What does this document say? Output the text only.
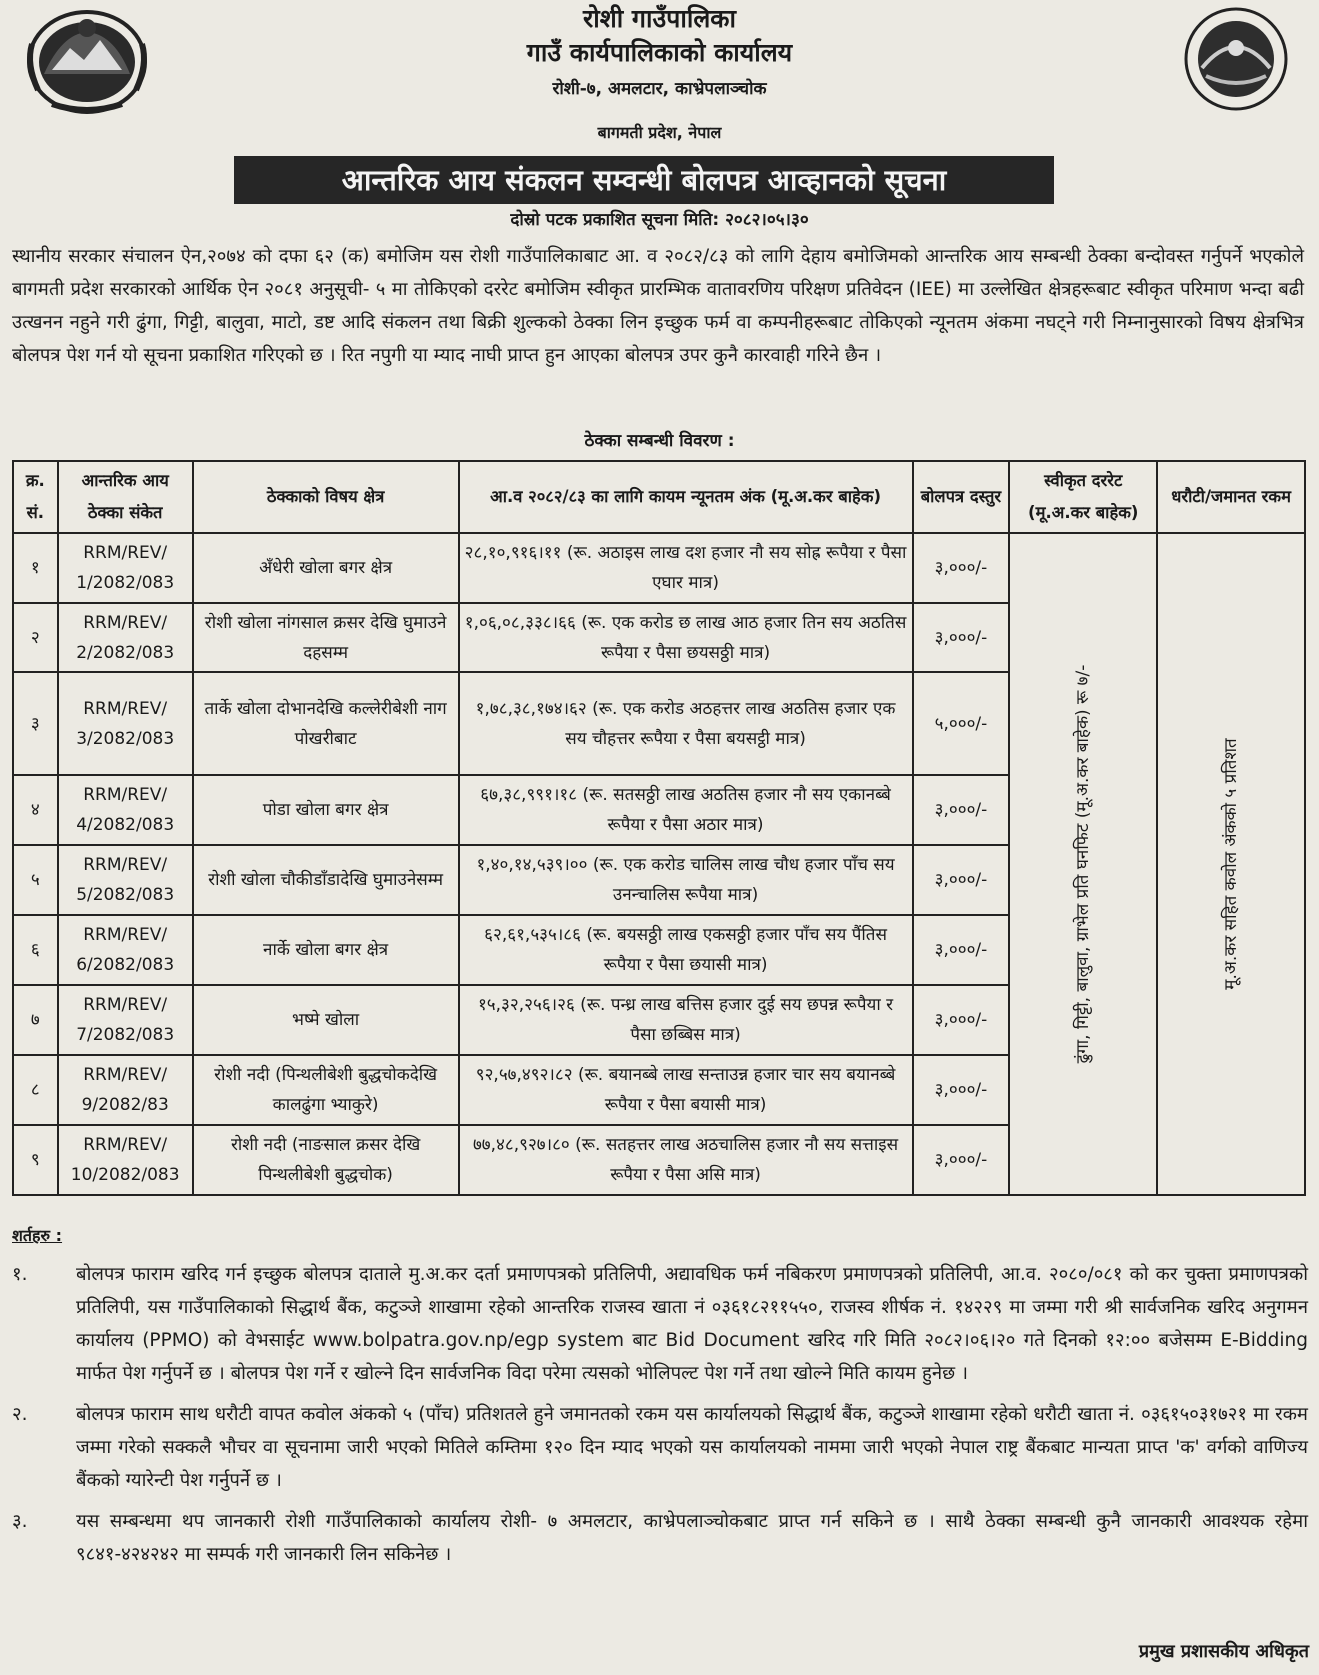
रोशी गाउँपालिका
गाउँ कार्यपालिकाको कार्यालय
रोशी-७, अमलटार, काभ्रेपलाञ्चोक
बागमती प्रदेश, नेपाल
आन्तरिक आय संकलन सम्वन्धी बोलपत्र आव्हानको सूचना
दोस्रो पटक प्रकाशित सूचना मिति: २०८२।०५।३०
स्थानीय सरकार संचालन ऐन,२०७४ को दफा ६२ (क) बमोजिम यस रोशी गाउँपालिकाबाट आ. व २०८२/८३ को लागि देहाय बमोजिमको आन्तरिक आय सम्बन्धी ठेक्का बन्दोवस्त गर्नुपर्ने भएकोले बागमती प्रदेश सरकारको आर्थिक ऐन २०८१ अनुसूची- ५ मा तोकिएको दररेट बमोजिम स्वीकृत प्रारम्भिक वातावरणिय परिक्षण प्रतिवेदन (IEE) मा उल्लेखित क्षेत्रहरूबाट स्वीकृत परिमाण भन्दा बढी उत्खनन नहुने गरी ढुंगा, गिट्टी, बालुवा, माटो, डष्ट आदि संकलन तथा बिक्री शुल्कको ठेक्का लिन इच्छुक फर्म वा कम्पनीहरूबाट तोकिएको न्यूनतम अंकमा नघट्ने गरी निम्नानुसारको विषय क्षेत्रभित्र बोलपत्र पेश गर्न यो सूचना प्रकाशित गरिएको छ । रित नपुगी या म्याद नाघी प्राप्त हुन आएका बोलपत्र उपर कुनै कारवाही गरिने छैन ।
ठेक्का सम्बन्धी विवरण :
क्र. सं.	आन्तरिक आय ठेक्का संकेत	ठेक्काको विषय क्षेत्र	आ.व २०८२/८३ का लागि कायम न्यूनतम अंक (मू.अ.कर बाहेक)	बोलपत्र दस्तुर	स्वीकृत दररेट (मू.अ.कर बाहेक)	धरौटी/जमानत रकम
१	RRM/REV/ 1/2082/083	अँधेरी खोला बगर क्षेत्र	२८,१०,९१६।११ (रू. अठाइस लाख दश हजार नौ सय सोह्र रूपैया र पैसा एघार मात्र)	३,०००/-	ढुंगा, गिट्टी, बालुवा, ग्राभेल प्रति घनफिट (मू.अ.कर बाहेक) रू ७/-	मू.अ.कर सहित कवोल अंकको ५ प्रतिशत

२	RRM/REV/ 2/2082/083	रोशी खोला नांगसाल क्रसर देखि घुमाउने दहसम्म	१,०६,०८,३३८।६६ (रू. एक करोड छ लाख आठ हजार तिन सय अठतिस रूपैया र पैसा छयसठ्ठी मात्र)	३,०००/-		
३	RRM/REV/ 3/2082/083	तार्के खोला दोभानदेखि कल्लेरीबेशी नाग पोखरीबाट	१,७८,३८,१७४।६२ (रू. एक करोड अठहत्तर लाख अठतिस हजार एक सय चौहत्तर रूपैया र पैसा बयसट्ठी मात्र)	५,०००/-		
४	RRM/REV/ 4/2082/083	पोडा खोला बगर क्षेत्र	६७,३८,९९१।१८ (रू. सतसठ्ठी लाख अठतिस हजार नौ सय एकानब्बे रूपैया र पैसा अठार मात्र)	३,०००/-		
५	RRM/REV/ 5/2082/083	रोशी खोला चौकीडाँडादेखि घुमाउनेसम्म	१,४०,१४,५३९।०० (रू. एक करोड चालिस लाख चौध हजार पाँच सय उनन्चालिस रूपैया मात्र)	३,०००/-		
६	RRM/REV/ 6/2082/083	नार्के खोला बगर क्षेत्र	६२,६१,५३५।८६ (रू. बयसठ्ठी लाख एकसठ्ठी हजार पाँच सय पैंतिस रूपैया र पैसा छयासी मात्र)	३,०००/-		
७	RRM/REV/ 7/2082/083	भष्मे खोला	१५,३२,२५६।२६ (रू. पन्ध्र लाख बत्तिस हजार दुई सय छपन्न रूपैया र पैसा छब्बिस मात्र)	३,०००/-		
८	RRM/REV/ 9/2082/83	रोशी नदी (पिन्थलीबेशी बुद्धचोकदेखि कालढुंगा भ्याकुरे)	९२,५७,४९२।८२ (रू. बयानब्बे लाख सन्ताउन्न हजार चार सय बयानब्बे रूपैया र पैसा बयासी मात्र)	३,०००/-		
९	RRM/REV/ 10/2082/083	रोशी नदी (नाङसाल क्रसर देखि पिन्थलीबेशी बुद्धचोक)	७७,४८,९२७।८० (रू. सतहत्तर लाख अठचालिस हजार नौ सय सत्ताइस रूपैया र पैसा असि मात्र)	३,०००/-		
शर्तहरु :
१.	बोलपत्र फाराम खरिद गर्न इच्छुक बोलपत्र दाताले मु.अ.कर दर्ता प्रमाणपत्रको प्रतिलिपी, अद्यावधिक फर्म नबिकरण प्रमाणपत्रको प्रतिलिपी, आ.व. २०८०/०८१ को कर चुक्ता प्रमाणपत्रको प्रतिलिपी, यस गाउँपालिकाको सिद्धार्थ बैंक, कटुञ्जे शाखामा रहेको आन्तरिक राजस्व खाता नं ०३६१८२११५५०, राजस्व शीर्षक नं. १४२२९ मा जम्मा गरी श्री सार्वजनिक खरिद अनुगमन कार्यालय (PPMO) को वेभसाईट www.bolpatra.gov.np/egp system बाट Bid Document खरिद गरि मिति २०८२।०६।२० गते दिनको १२:०० बजेसम्म E-Bidding मार्फत पेश गर्नुपर्ने छ । बोलपत्र पेश गर्ने र खोल्ने दिन सार्वजनिक विदा परेमा त्यसको भोलिपल्ट पेश गर्ने तथा खोल्ने मिति कायम हुनेछ ।
२.	बोलपत्र फाराम साथ धरौटी वापत कवोल अंकको ५ (पाँच) प्रतिशतले हुने जमानतको रकम यस कार्यालयको सिद्धार्थ बैंक, कटुञ्जे शाखामा रहेको धरौटी खाता नं. ०३६१५०३१७२१ मा रकम जम्मा गरेको सक्कलै भौचर वा सूचनामा जारी भएको मितिले कम्तिमा १२० दिन म्याद भएको यस कार्यालयको नाममा जारी भएको नेपाल राष्ट्र बैंकबाट मान्यता प्राप्त 'क' वर्गको वाणिज्य बैंकको ग्यारेन्टी पेश गर्नुपर्ने छ ।
३.	यस सम्बन्धमा थप जानकारी रोशी गाउँपालिकाको कार्यालय रोशी- ७ अमलटार, काभ्रेपलाञ्चोकबाट प्राप्त गर्न सकिने छ । साथै ठेक्का सम्बन्धी कुनै जानकारी आवश्यक रहेमा ९८४१-४२४२४२ मा सम्पर्क गरी जानकारी लिन सकिनेछ ।
प्रमुख प्रशासकीय अधिकृत
